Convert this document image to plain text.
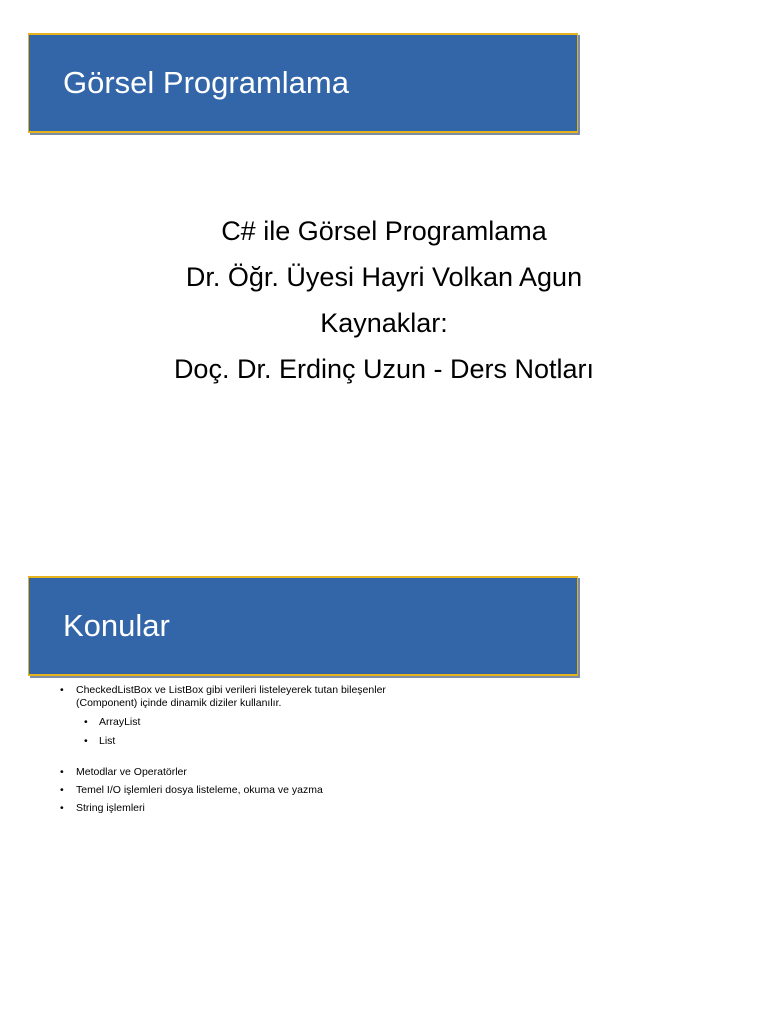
Görsel Programlama
C# ile Görsel Programlama
Dr. Öğr. Üyesi Hayri Volkan Agun
Kaynaklar:
Doç. Dr. Erdinç Uzun - Ders Notları
Konular
• CheckedListBox ve ListBox gibi verileri listeleyerek tutan bileşenler (Component) içinde dinamik diziler kullanılır.
• ArrayList
• List
• Metodlar ve Operatörler
• Temel I/O işlemleri dosya listeleme, okuma ve yazma
• String işlemleri
